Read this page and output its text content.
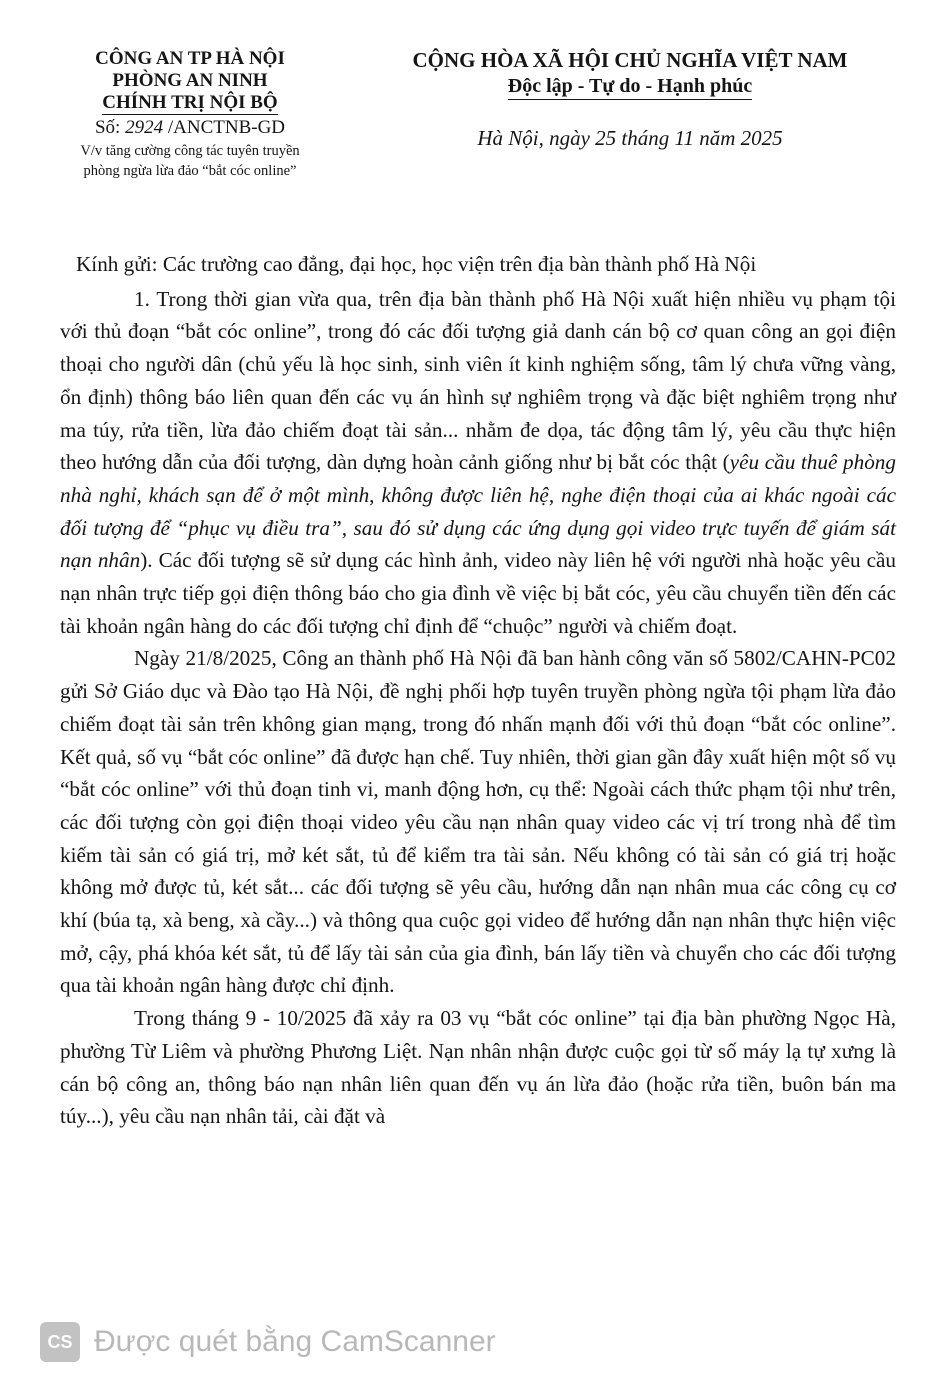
CÔNG AN TP HÀ NỘI
PHÒNG AN NINH
CHÍNH TRỊ NỘI BỘ
Số: 2924 /ANCTNB-GD
V/v tăng cường công tác tuyên truyền
phòng ngừa lừa đảo “bắt cóc online”
CỘNG HÒA XÃ HỘI CHỦ NGHĨA VIỆT NAM
Độc lập - Tự do - Hạnh phúc
Hà Nội, ngày 25 tháng 11 năm 2025

Kính gửi: Các trường cao đẳng, đại học, học viện trên địa bàn thành phố Hà Nội

1. Trong thời gian vừa qua, trên địa bàn thành phố Hà Nội xuất hiện nhiều vụ phạm tội với thủ đoạn “bắt cóc online”, trong đó các đối tượng giả danh cán bộ cơ quan công an gọi điện thoại cho người dân (chủ yếu là học sinh, sinh viên ít kinh nghiệm sống, tâm lý chưa vững vàng, ổn định) thông báo liên quan đến các vụ án hình sự nghiêm trọng và đặc biệt nghiêm trọng như ma túy, rửa tiền, lừa đảo chiếm đoạt tài sản... nhằm đe dọa, tác động tâm lý, yêu cầu thực hiện theo hướng dẫn của đối tượng, dàn dựng hoàn cảnh giống như bị bắt cóc thật (yêu cầu thuê phòng nhà nghỉ, khách sạn để ở một mình, không được liên hệ, nghe điện thoại của ai khác ngoài các đối tượng để “phục vụ điều tra”, sau đó sử dụng các ứng dụng gọi video trực tuyến để giám sát nạn nhân). Các đối tượng sẽ sử dụng các hình ảnh, video này liên hệ với người nhà hoặc yêu cầu nạn nhân trực tiếp gọi điện thông báo cho gia đình về việc bị bắt cóc, yêu cầu chuyển tiền đến các tài khoản ngân hàng do các đối tượng chỉ định để “chuộc” người và chiếm đoạt.

Ngày 21/8/2025, Công an thành phố Hà Nội đã ban hành công văn số 5802/CAHN-PC02 gửi Sở Giáo dục và Đào tạo Hà Nội, đề nghị phối hợp tuyên truyền phòng ngừa tội phạm lừa đảo chiếm đoạt tài sản trên không gian mạng, trong đó nhấn mạnh đối với thủ đoạn “bắt cóc online”. Kết quả, số vụ “bắt cóc online” đã được hạn chế. Tuy nhiên, thời gian gần đây xuất hiện một số vụ “bắt cóc online” với thủ đoạn tinh vi, manh động hơn, cụ thể: Ngoài cách thức phạm tội như trên, các đối tượng còn gọi điện thoại video yêu cầu nạn nhân quay video các vị trí trong nhà để tìm kiếm tài sản có giá trị, mở két sắt, tủ để kiểm tra tài sản. Nếu không có tài sản có giá trị hoặc không mở được tủ, két sắt... các đối tượng sẽ yêu cầu, hướng dẫn nạn nhân mua các công cụ cơ khí (búa tạ, xà beng, xà cầy...) và thông qua cuộc gọi video để hướng dẫn nạn nhân thực hiện việc mở, cậy, phá khóa két sắt, tủ để lấy tài sản của gia đình, bán lấy tiền và chuyển cho các đối tượng qua tài khoản ngân hàng được chỉ định.

Trong tháng 9 - 10/2025 đã xảy ra 03 vụ “bắt cóc online” tại địa bàn phường Ngọc Hà, phường Từ Liêm và phường Phương Liệt. Nạn nhân nhận được cuộc gọi từ số máy lạ tự xưng là cán bộ công an, thông báo nạn nhân liên quan đến vụ án lừa đảo (hoặc rửa tiền, buôn bán ma túy...), yêu cầu nạn nhân tải, cài đặt và

CS Được quét bằng CamScanner
